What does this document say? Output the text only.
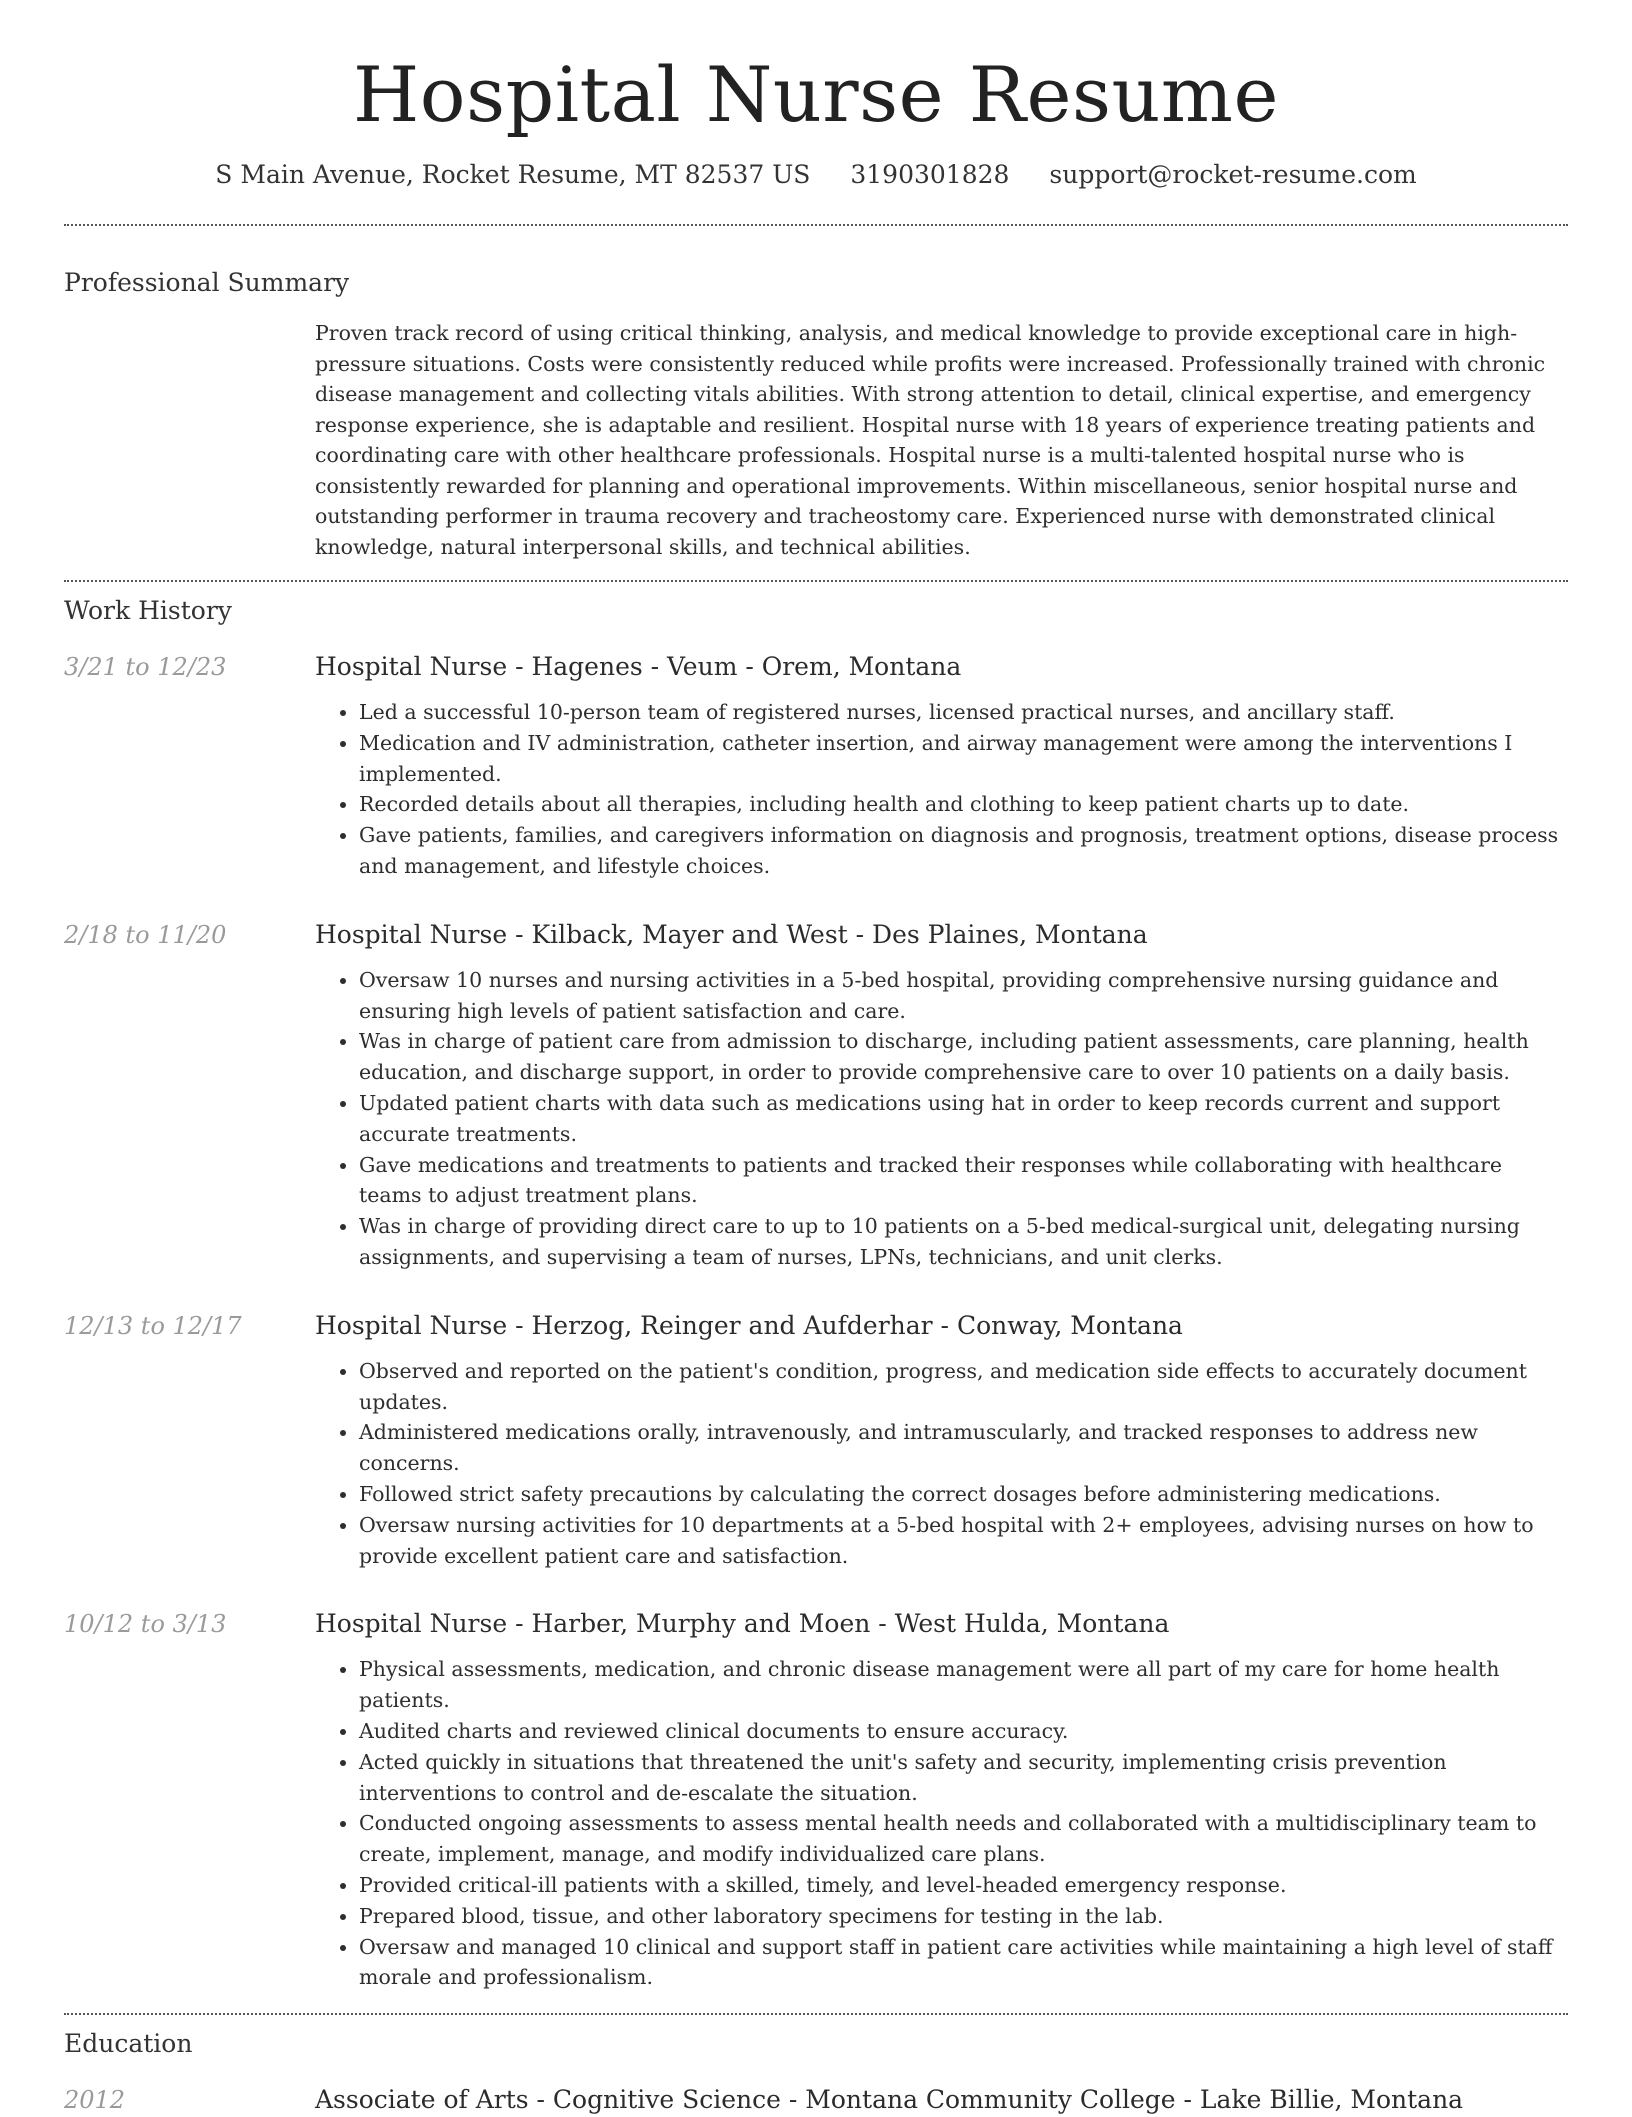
Hospital Nurse Resume
S Main Avenue, Rocket Resume, MT 82537 US 3190301828 support@rocket-resume.com
Professional Summary

Proven track record of using critical thinking, analysis, and medical knowledge to provide exceptional care in high-pressure situations. Costs were consistently reduced while profits were increased. Professionally trained with chronic disease management and collecting vitals abilities. With strong attention to detail, clinical expertise, and emergency response experience, she is adaptable and resilient. Hospital nurse with 18 years of experience treating patients and coordinating care with other healthcare professionals. Hospital nurse is a multi-talented hospital nurse who is consistently rewarded for planning and operational improvements. Within miscellaneous, senior hospital nurse and outstanding performer in trauma recovery and tracheostomy care. Experienced nurse with demonstrated clinical knowledge, natural interpersonal skills, and technical abilities.

Work History
3/21 to 12/23	Hospital Nurse - Hagenes - Veum - Orem, Montana
• Led a successful 10-person team of registered nurses, licensed practical nurses, and ancillary staff.
• Medication and IV administration, catheter insertion, and airway management were among the interventions I implemented.
• Recorded details about all therapies, including health and clothing to keep patient charts up to date.
• Gave patients, families, and caregivers information on diagnosis and prognosis, treatment options, disease process and management, and lifestyle choices.
2/18 to 11/20	Hospital Nurse - Kilback, Mayer and West - Des Plaines, Montana
• Oversaw 10 nurses and nursing activities in a 5-bed hospital, providing comprehensive nursing guidance and ensuring high levels of patient satisfaction and care.
• Was in charge of patient care from admission to discharge, including patient assessments, care planning, health education, and discharge support, in order to provide comprehensive care to over 10 patients on a daily basis.
• Updated patient charts with data such as medications using hat in order to keep records current and support accurate treatments.
• Gave medications and treatments to patients and tracked their responses while collaborating with healthcare teams to adjust treatment plans.
• Was in charge of providing direct care to up to 10 patients on a 5-bed medical-surgical unit, delegating nursing assignments, and supervising a team of nurses, LPNs, technicians, and unit clerks.
12/13 to 12/17	Hospital Nurse - Herzog, Reinger and Aufderhar - Conway, Montana
• Observed and reported on the patient's condition, progress, and medication side effects to accurately document updates.
• Administered medications orally, intravenously, and intramuscularly, and tracked responses to address new concerns.
• Followed strict safety precautions by calculating the correct dosages before administering medications.
• Oversaw nursing activities for 10 departments at a 5-bed hospital with 2+ employees, advising nurses on how to provide excellent patient care and satisfaction.
10/12 to 3/13	Hospital Nurse - Harber, Murphy and Moen - West Hulda, Montana
• Physical assessments, medication, and chronic disease management were all part of my care for home health patients.
• Audited charts and reviewed clinical documents to ensure accuracy.
• Acted quickly in situations that threatened the unit's safety and security, implementing crisis prevention interventions to control and de-escalate the situation.
• Conducted ongoing assessments to assess mental health needs and collaborated with a multidisciplinary team to create, implement, manage, and modify individualized care plans.
• Provided critical-ill patients with a skilled, timely, and level-headed emergency response.
• Prepared blood, tissue, and other laboratory specimens for testing in the lab.
• Oversaw and managed 10 clinical and support staff in patient care activities while maintaining a high level of staff morale and professionalism.
Education
2012	Associate of Arts - Cognitive Science - Montana Community College - Lake Billie, Montana
